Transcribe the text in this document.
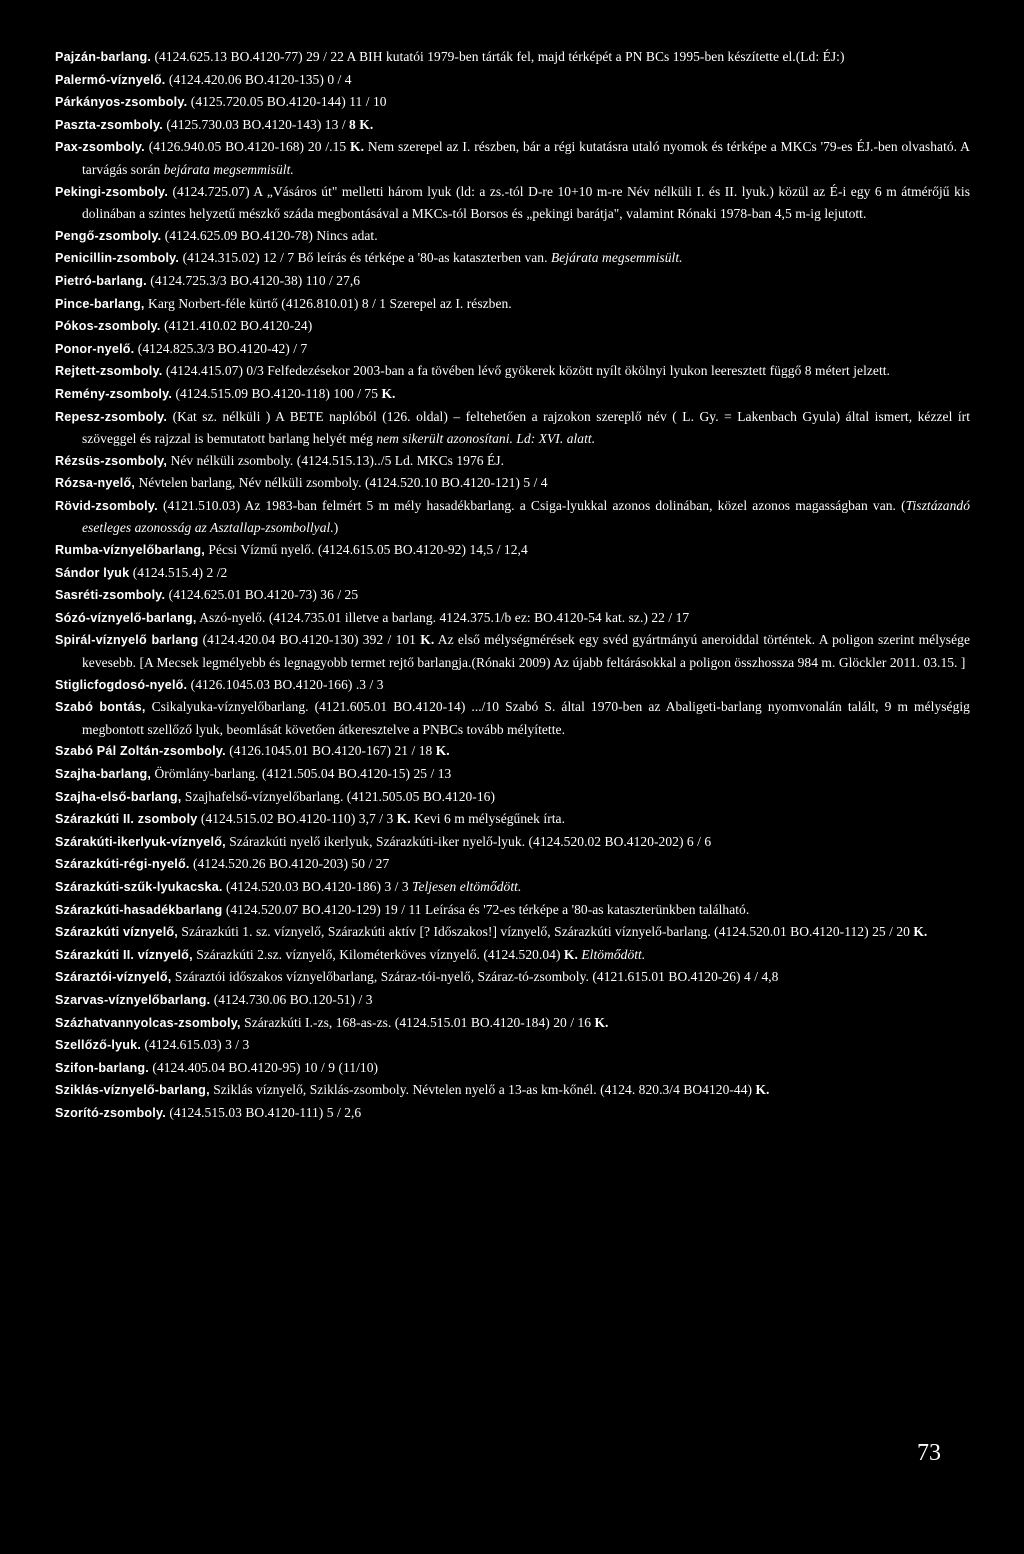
Pajzán-barlang. (4124.625.13 BO.4120-77) 29 / 22 A BIH kutatói 1979-ben tárták fel, majd térképét a PN BCs 1995-ben készítette el.(Ld: ÉJ:)
Palermó-víznyelő. (4124.420.06 BO.4120-135) 0 / 4
Párkányos-zsomboly. (4125.720.05 BO.4120-144) 11 / 10
Paszta-zsomboly. (4125.730.03 BO.4120-143) 13 / 8 K.
Pax-zsomboly. (4126.940.05 BO.4120-168) 20 /.15 K. Nem szerepel az I. részben, bár a régi kutatásra utaló nyomok és térképe a MKCs '79-es ÉJ.-ben olvasható. A tarvágás során bejárata megsemmisült.
Pekingi-zsomboly. (4124.725.07) A „Vásáros út" melletti három lyuk (ld: a zs.-tól D-re 10+10 m-re Név nélküli I. és II. lyuk.) közül az É-i egy 6 m átmérőjű kis dolinában a szintes helyzetű mészkő száda megbontásával a MKCs-tól Borsos és „pekingi barátja", valamint Rónaki 1978-ban 4,5 m-ig lejutott.
Pengő-zsomboly. (4124.625.09 BO.4120-78) Nincs adat.
Penicillin-zsomboly. (4124.315.02) 12 / 7 Bő leírás és térképe a '80-as kataszterben van. Bejárata megsemmisült.
Pietró-barlang. (4124.725.3/3 BO.4120-38) 110 / 27,6
Pince-barlang, Karg Norbert-féle kürtő (4126.810.01) 8 / 1 Szerepel az I. részben.
Pókos-zsomboly. (4121.410.02 BO.4120-24)
Ponor-nyelő. (4124.825.3/3 BO.4120-42) / 7
Rejtett-zsomboly. (4124.415.07) 0/3 Felfedezésekor 2003-ban a fa tövében lévő gyökerek között nyílt ökölnyi lyukon leeresztett függő 8 métert jelzett.
Remény-zsomboly. (4124.515.09 BO.4120-118) 100 / 75 K.
Repesz-zsomboly. (Kat sz. nélküli ) A BETE naplóból (126. oldal) – feltehetően a rajzokon szereplő név ( L. Gy. = Lakenbach Gyula) által ismert, kézzel írt szöveggel és rajzzal is bemutatott barlang helyét még nem sikerült azonosítani. Ld: XVI. alatt.
Rézsüs-zsomboly, Név nélküli zsomboly. (4124.515.13)../5 Ld. MKCs 1976 ÉJ.
Rózsa-nyelő, Névtelen barlang, Név nélküli zsomboly. (4124.520.10 BO.4120-121) 5 / 4
Rövid-zsomboly. (4121.510.03) Az 1983-ban felmért 5 m mély hasadékbarlang. a Csiga-lyukkal azonos dolinában, közel azonos magasságban van. (Tisztázandó esetleges azonosság az Asztallap-zsombollyal.)
Rumba-víznyelőbarlang, Pécsi Vízmű nyelő. (4124.615.05 BO.4120-92) 14,5 / 12,4
Sándor lyuk (4124.515.4) 2 /2
Sasréti-zsomboly. (4124.625.01 BO.4120-73) 36 / 25
Sózó-víznyelő-barlang, Aszó-nyelő. (4124.735.01 illetve a barlang. 4124.375.1/b ez: BO.4120-54 kat. sz.) 22 / 17
Spirál-víznyelő barlang (4124.420.04 BO.4120-130) 392 / 101 K. Az első mélységmérések egy svéd gyártmányú aneroiddal történtek. A poligon szerint mélysége kevesebb. [A Mecsek legmélyebb és legnagyobb termet rejtő barlangja.(Rónaki 2009) Az újabb feltárásokkal a poligon összhossza 984 m. Glöckler 2011. 03.15. ]
Stiglicfogdosó-nyelő. (4126.1045.03 BO.4120-166) .3 / 3
Szabó bontás, Csikalyuka-víznyelőbarlang. (4121.605.01 BO.4120-14) .../10 Szabó S. által 1970-ben az Abaligeti-barlang nyomvonalán talált, 9 m mélységig megbontott szellőző lyuk, beomlását követően átkeresztelve a PNBCs tovább mélyítette.
Szabó Pál Zoltán-zsomboly. (4126.1045.01 BO.4120-167) 21 / 18 K.
Szajha-barlang, Örömlány-barlang. (4121.505.04 BO.4120-15) 25 / 13
Szajha-első-barlang, Szajhafelső-víznyelőbarlang. (4121.505.05 BO.4120-16)
Szárazkúti II. zsomboly (4124.515.02 BO.4120-110) 3,7 / 3 K. Kevi 6 m mélységűnek írta.
Szárakúti-ikerlyuk-víznyelő, Szárazkúti nyelő ikerlyuk, Szárazkúti-iker nyelő-lyuk. (4124.520.02 BO.4120-202) 6 / 6
Szárazkúti-régi-nyelő. (4124.520.26 BO.4120-203) 50 / 27
Szárazkúti-szűk-lyukacska. (4124.520.03 BO.4120-186) 3 / 3 Teljesen eltömődött.
Szárazkúti-hasadékbarlang (4124.520.07 BO.4120-129) 19 / 11 Leírása és '72-es térképe a '80-as kataszterünkben található.
Szárazkúti víznyelő, Szárazkúti 1. sz. víznyelő, Szárazkúti aktív [? Időszakos!] víznyelő, Szárazkúti víznyelő-barlang. (4124.520.01 BO.4120-112) 25 / 20 K.
Szárazkúti II. víznyelő, Szárazkúti 2.sz. víznyelő, Kilométerköves víznyelő. (4124.520.04) K. Eltömődött.
Száraztói-víznyelő, Száraztói időszakos víznyelőbarlang, Száraz-tói-nyelő, Száraz-tó-zsomboly. (4121.615.01 BO.4120-26) 4 / 4,8
Szarvas-víznyelőbarlang. (4124.730.06 BO.120-51) / 3
Százhatvannyolcas-zsomboly, Szárazkúti I.-zs, 168-as-zs. (4124.515.01 BO.4120-184) 20 / 16 K.
Szellőző-lyuk. (4124.615.03) 3 / 3
Szifon-barlang. (4124.405.04 BO.4120-95) 10 / 9 (11/10)
Sziklás-víznyelő-barlang, Sziklás víznyelő, Sziklás-zsomboly. Névtelen nyelő a 13-as km-kőnél. (4124. 820.3/4 BO4120-44) K.
Szorító-zsomboly. (4124.515.03 BO.4120-111) 5 / 2,6
73
